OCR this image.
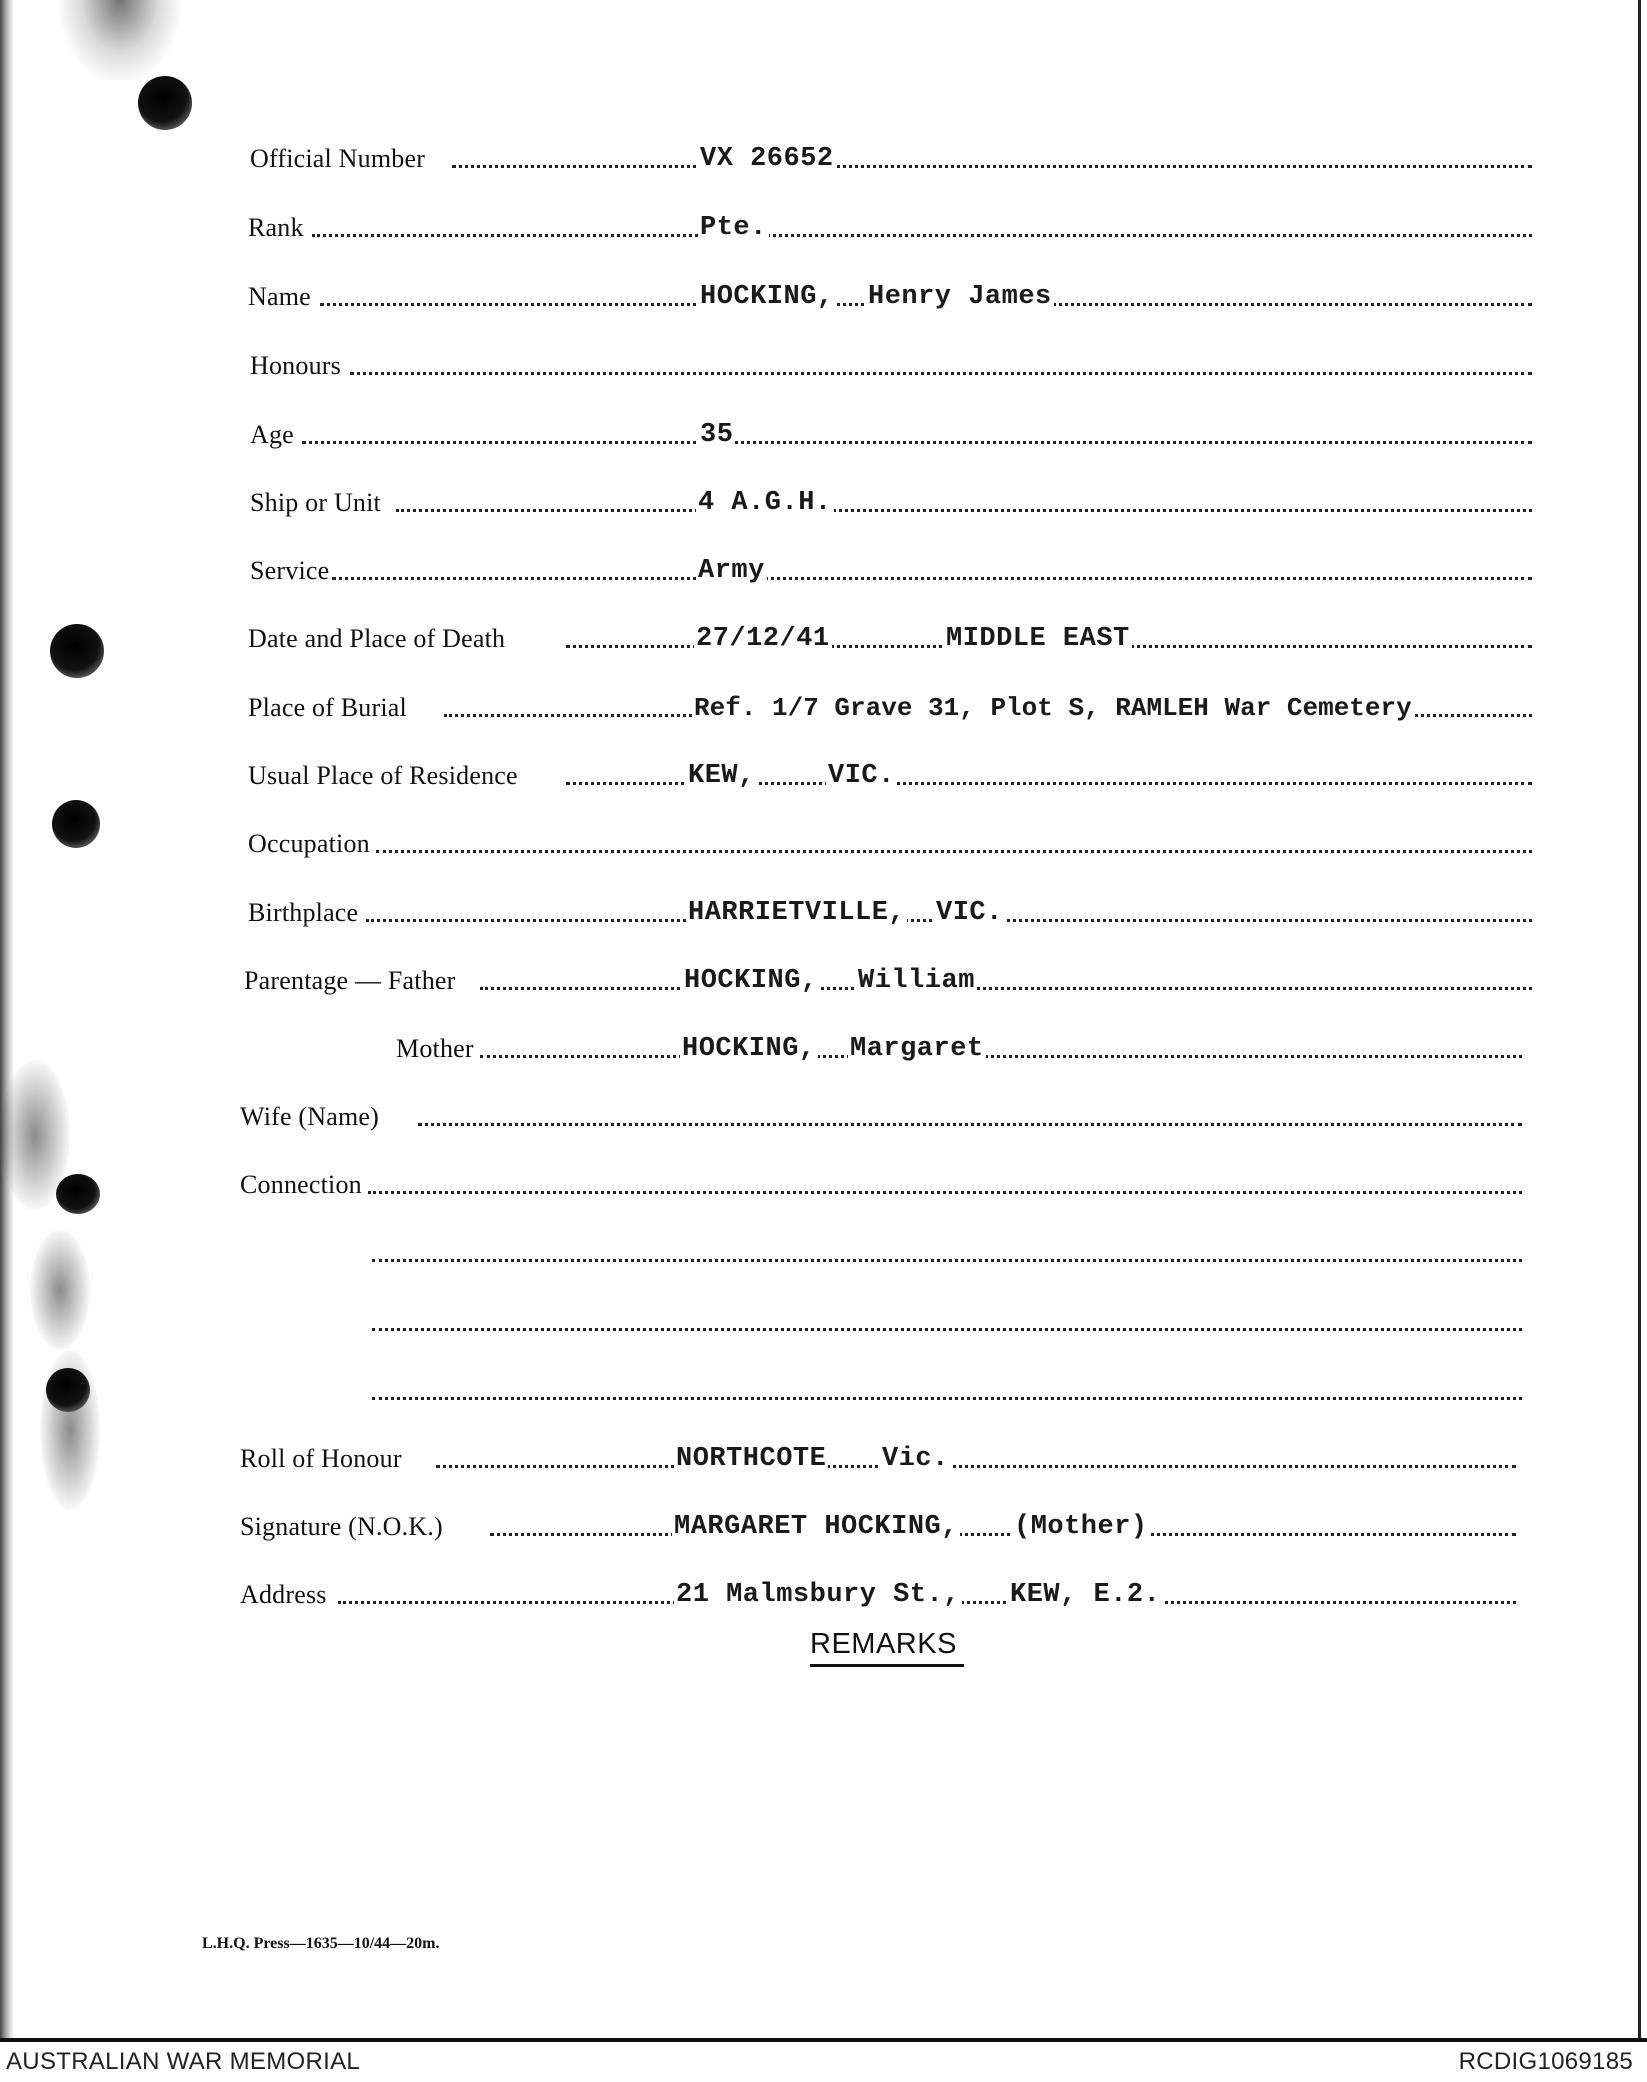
Official Number	VX 26652
Rank	Pte.
Name	HOCKING, Henry James
Honours
Age	35
Ship or Unit	4 A.G.H.
Service	Army
Date and Place of Death	27/12/41	MIDDLE EAST
Place of Burial	Ref. 1/7 Grave 31, Plot S, RAMLEH War Cemetery
Usual Place of Residence	KEW,	VIC.
Occupation
Birthplace	HARRIETVILLE, VIC.
Parentage — Father	HOCKING, William
Mother	HOCKING, Margaret
Wife (Name)
Connection
Roll of Honour	NORTHCOTE Vic.
Signature (N.O.K.)	MARGARET HOCKING, (Mother)
Address	21 Malmsbury St., KEW, E.2.
REMARKS
L.H.Q. Press—1635—10/44—20m.
AUSTRALIAN WAR MEMORIAL	RCDIG1069185
